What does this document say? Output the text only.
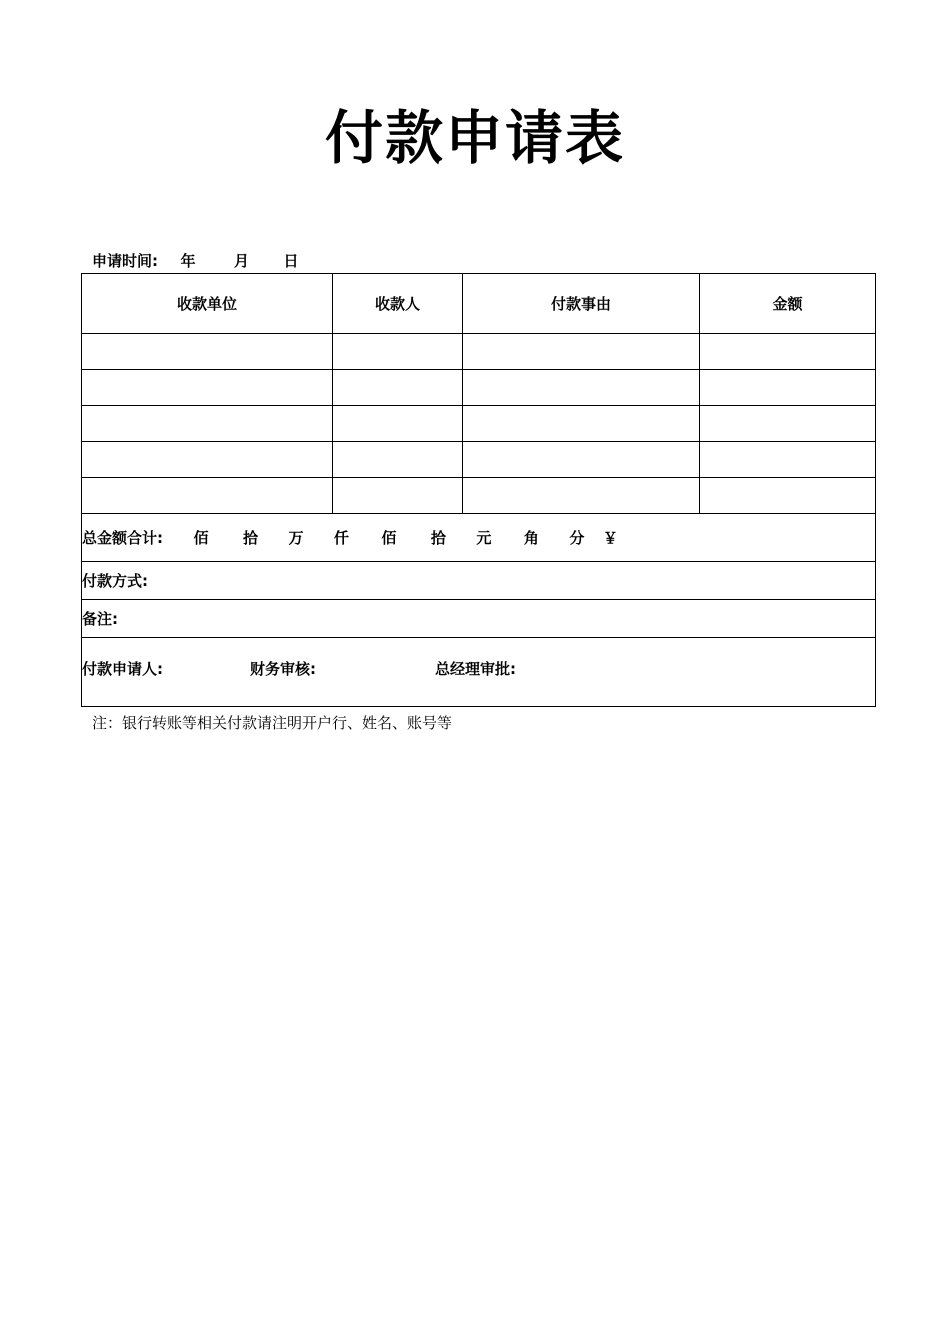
付款申请表
申请时间: 年	月 日
收款单位	收款人	付款事由	金额

总金额合计: 佰 拾 万 仟 佰 拾 元 角 分 ￥			
付款方式:			
备注:			

付款申请人: 财务审核: 总经理审批:			
注：银行转账等相关付款请注明开户行、姓名、账号等
